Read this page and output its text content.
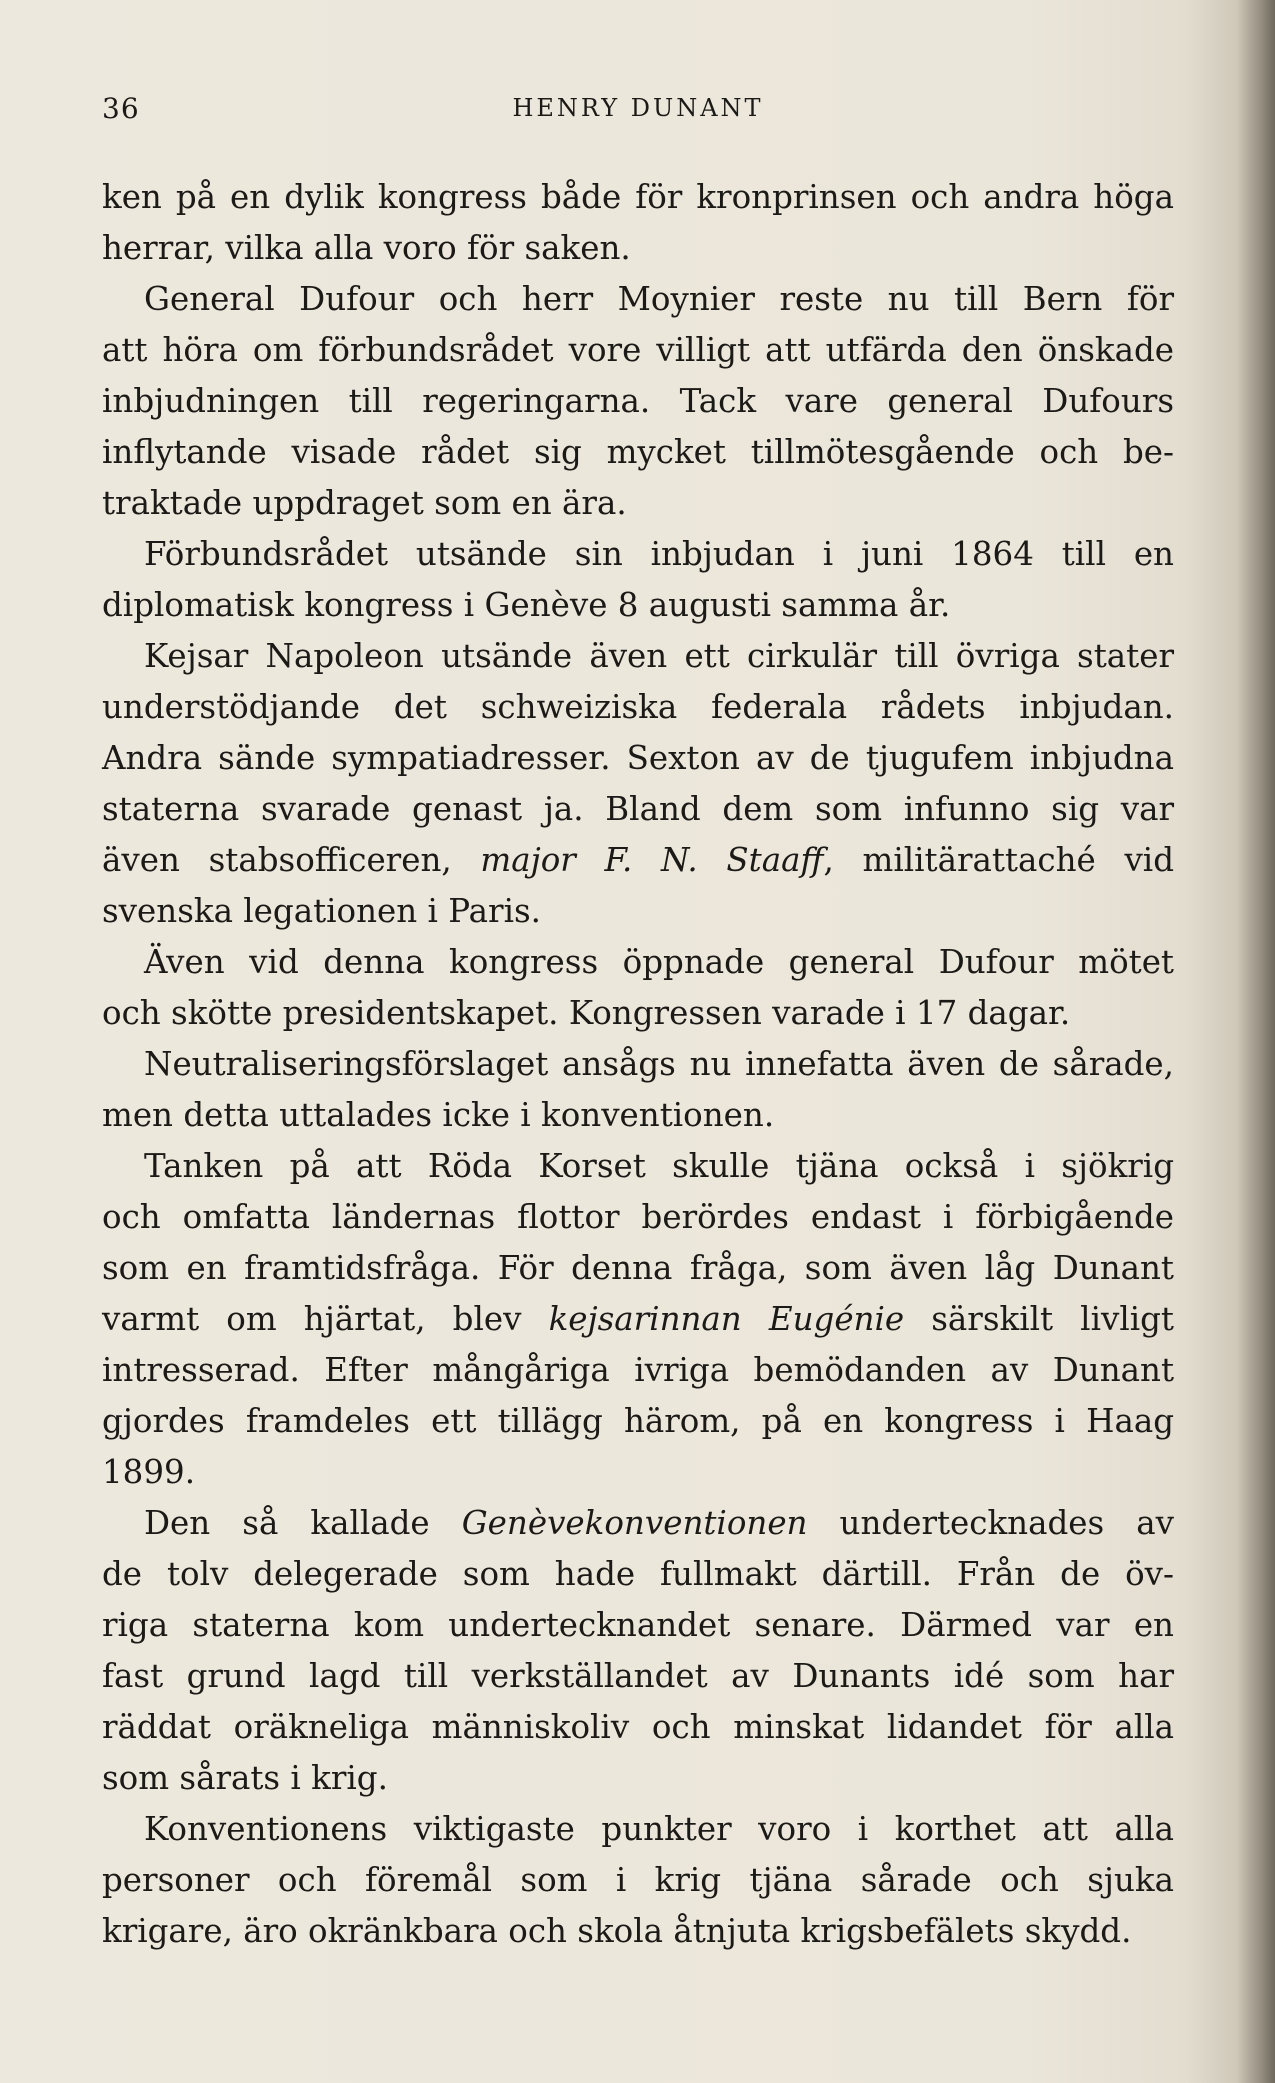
36	HENRY DUNANT
ken på en dylik kongress både för kronprinsen och andra höga
herrar, vilka alla voro för saken.
General Dufour och herr Moynier reste nu till Bern för
att höra om förbundsrådet vore villigt att utfärda den önskade
inbjudningen till regeringarna. Tack vare general Dufours
inflytande visade rådet sig mycket tillmötesgående och be-
traktade uppdraget som en ära.
Förbundsrådet utsände sin inbjudan i juni 1864 till en
diplomatisk kongress i Genève 8 augusti samma år.
Kejsar Napoleon utsände även ett cirkulär till övriga stater
understödjande det schweiziska federala rådets inbjudan.
Andra sände sympatiadresser. Sexton av de tjugufem inbjudna
staterna svarade genast ja. Bland dem som infunno sig var
även stabsofficeren, major F. N. Staaff, militärattaché vid
svenska legationen i Paris.
Även vid denna kongress öppnade general Dufour mötet
och skötte presidentskapet. Kongressen varade i 17 dagar.
Neutraliseringsförslaget ansågs nu innefatta även de sårade,
men detta uttalades icke i konventionen.
Tanken på att Röda Korset skulle tjäna också i sjökrig
och omfatta ländernas flottor berördes endast i förbigående
som en framtidsfråga. För denna fråga, som även låg Dunant
varmt om hjärtat, blev kejsarinnan Eugénie särskilt livligt
intresserad. Efter mångåriga ivriga bemödanden av Dunant
gjordes framdeles ett tillägg härom, på en kongress i Haag
1899.
Den så kallade Genèvekonventionen undertecknades av
de tolv delegerade som hade fullmakt därtill. Från de öv-
riga staterna kom undertecknandet senare. Därmed var en
fast grund lagd till verkställandet av Dunants idé som har
räddat oräkneliga människoliv och minskat lidandet för alla
som sårats i krig.
Konventionens viktigaste punkter voro i korthet att alla
personer och föremål som i krig tjäna sårade och sjuka
krigare, äro okränkbara och skola åtnjuta krigsbefälets skydd.
